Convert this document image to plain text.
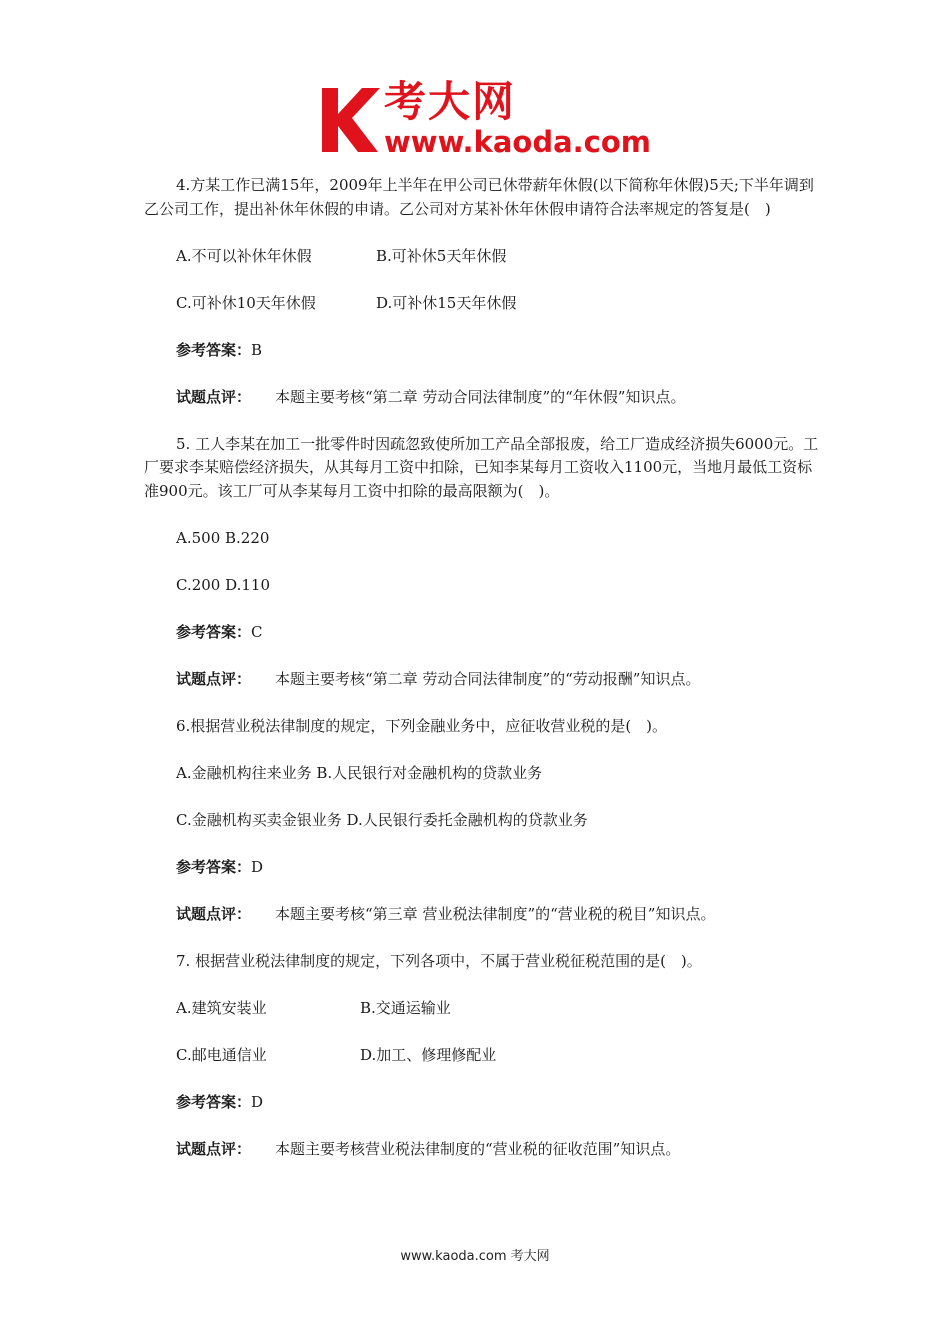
考大网
www.kaoda.com

4.方某工作已满15年，2009年上半年在甲公司已休带薪年休假(以下简称年休假)5天;下半年调到乙公司工作，提出补休年休假的申请。乙公司对方某补休年休假申请符合法率规定的答复是(　)

A.不可以补休年休假	B.可补休5天年休假

C.可补休10天年休假	D.可补休15天年休假

参考答案：B

试题点评： 本题主要考核“第二章 劳动合同法律制度”的“年休假”知识点。

5. 工人李某在加工一批零件时因疏忽致使所加工产品全部报废，给工厂造成经济损失6000元。工厂要求李某赔偿经济损失，从其每月工资中扣除，已知李某每月工资收入1100元，当地月最低工资标准900元。该工厂可从李某每月工资中扣除的最高限额为(　)。

A.500 B.220

C.200 D.110

参考答案：C

试题点评： 本题主要考核“第二章 劳动合同法律制度”的“劳动报酬”知识点。

6.根据营业税法律制度的规定，下列金融业务中，应征收营业税的是(　)。

A.金融机构往来业务 B.人民银行对金融机构的贷款业务

C.金融机构买卖金银业务 D.人民银行委托金融机构的贷款业务

参考答案：D

试题点评： 本题主要考核“第三章 营业税法律制度”的“营业税的税目”知识点。

7. 根据营业税法律制度的规定，下列各项中，不属于营业税征税范围的是(　)。

A.建筑安装业	B.交通运输业

C.邮电通信业	D.加工、修理修配业

参考答案：D

试题点评： 本题主要考核营业税法律制度的“营业税的征收范围”知识点。

www.kaoda.com 考大网
